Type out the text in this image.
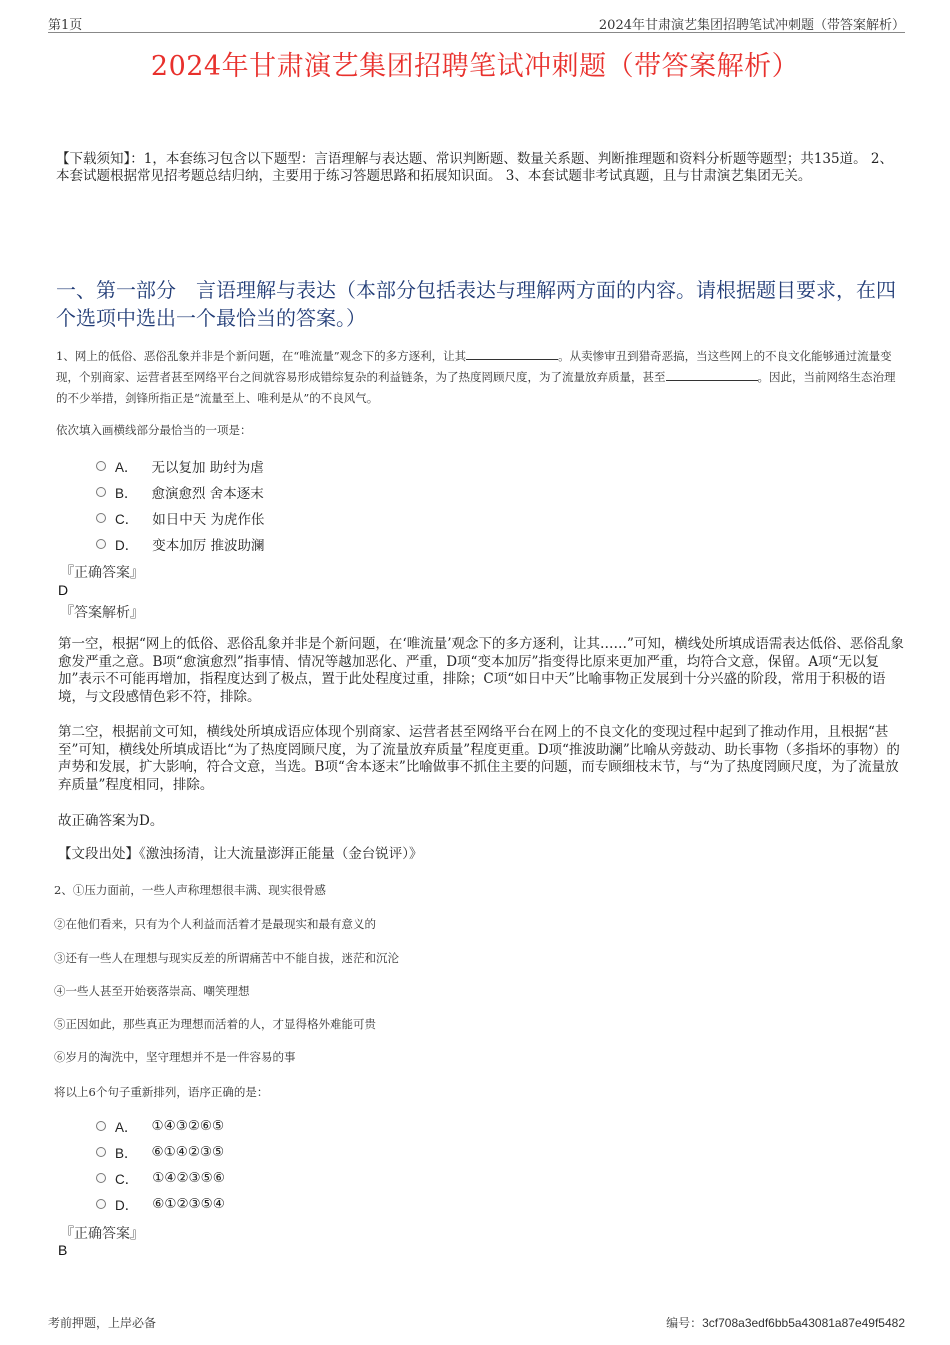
第1页	2024年甘肃演艺集团招聘笔试冲刺题（带答案解析）
2024年甘肃演艺集团招聘笔试冲刺题（带答案解析）
【下载须知】：1，本套练习包含以下题型：言语理解与表达题、常识判断题、数量关系题、判断推理题和资料分析题等题型；共135道。 2、本套试题根据常见招考题总结归纳，主要用于练习答题思路和拓展知识面。 3、本套试题非考试真题，且与甘肃演艺集团无关。
一、第一部分　言语理解与表达（本部分包括表达与理解两方面的内容。请根据题目要求，在四个选项中选出一个最恰当的答案。）
1、网上的低俗、恶俗乱象并非是个新问题，在“唯流量”观念下的多方逐利，让其	。从卖惨审丑到猎奇恶搞，当这些网上的不良文化能够通过流量变现，个别商家、运营者甚至网络平台之间就容易形成错综复杂的利益链条，为了热度罔顾尺度，为了流量放弃质量，甚至	。因此，当前网络生态治理的不少举措，剑锋所指正是“流量至上、唯利是从”的不良风气。
依次填入画横线部分最恰当的一项是：
A． 无以复加 助纣为虐
B． 愈演愈烈 舍本逐末
C． 如日中天 为虎作伥
D． 变本加厉 推波助澜
『正确答案』
D
『答案解析』
第一空，根据“网上的低俗、恶俗乱象并非是个新问题，在‘唯流量’观念下的多方逐利，让其……”可知，横线处所填成语需表达低俗、恶俗乱象愈发严重之意。B项“愈演愈烈”指事情、情况等越加恶化、严重，D项“变本加厉”指变得比原来更加严重，均符合文意，保留。A项“无以复加”表示不可能再增加，指程度达到了极点，置于此处程度过重，排除；C项“如日中天”比喻事物正发展到十分兴盛的阶段，常用于积极的语境，与文段感情色彩不符，排除。
第二空，根据前文可知，横线处所填成语应体现个别商家、运营者甚至网络平台在网上的不良文化的变现过程中起到了推动作用，且根据“甚至”可知，横线处所填成语比“为了热度罔顾尺度，为了流量放弃质量”程度更重。D项“推波助澜”比喻从旁鼓动、助长事物（多指坏的事物）的声势和发展，扩大影响，符合文意，当选。B项“舍本逐末”比喻做事不抓住主要的问题，而专顾细枝末节，与“为了热度罔顾尺度，为了流量放弃质量”程度相同，排除。
故正确答案为D。
【文段出处】《激浊扬清，让大流量澎湃正能量（金台锐评）》
2、①压力面前，一些人声称理想很丰满、现实很骨感
②在他们看来，只有为个人利益而活着才是最现实和最有意义的
③还有一些人在理想与现实反差的所谓痛苦中不能自拔，迷茫和沉沦
④一些人甚至开始亵落崇高、嘲笑理想
⑤正因如此，那些真正为理想而活着的人，才显得格外难能可贵
⑥岁月的淘洗中，坚守理想并不是一件容易的事
将以上6个句子重新排列，语序正确的是：
A． ①④③②⑥⑤
B． ⑥①④②③⑤
C． ①④②③⑤⑥
D． ⑥①②③⑤④
『正确答案』
B
考前押题，上岸必备	编号：3cf708a3edf6bb5a43081a87e49f5482
